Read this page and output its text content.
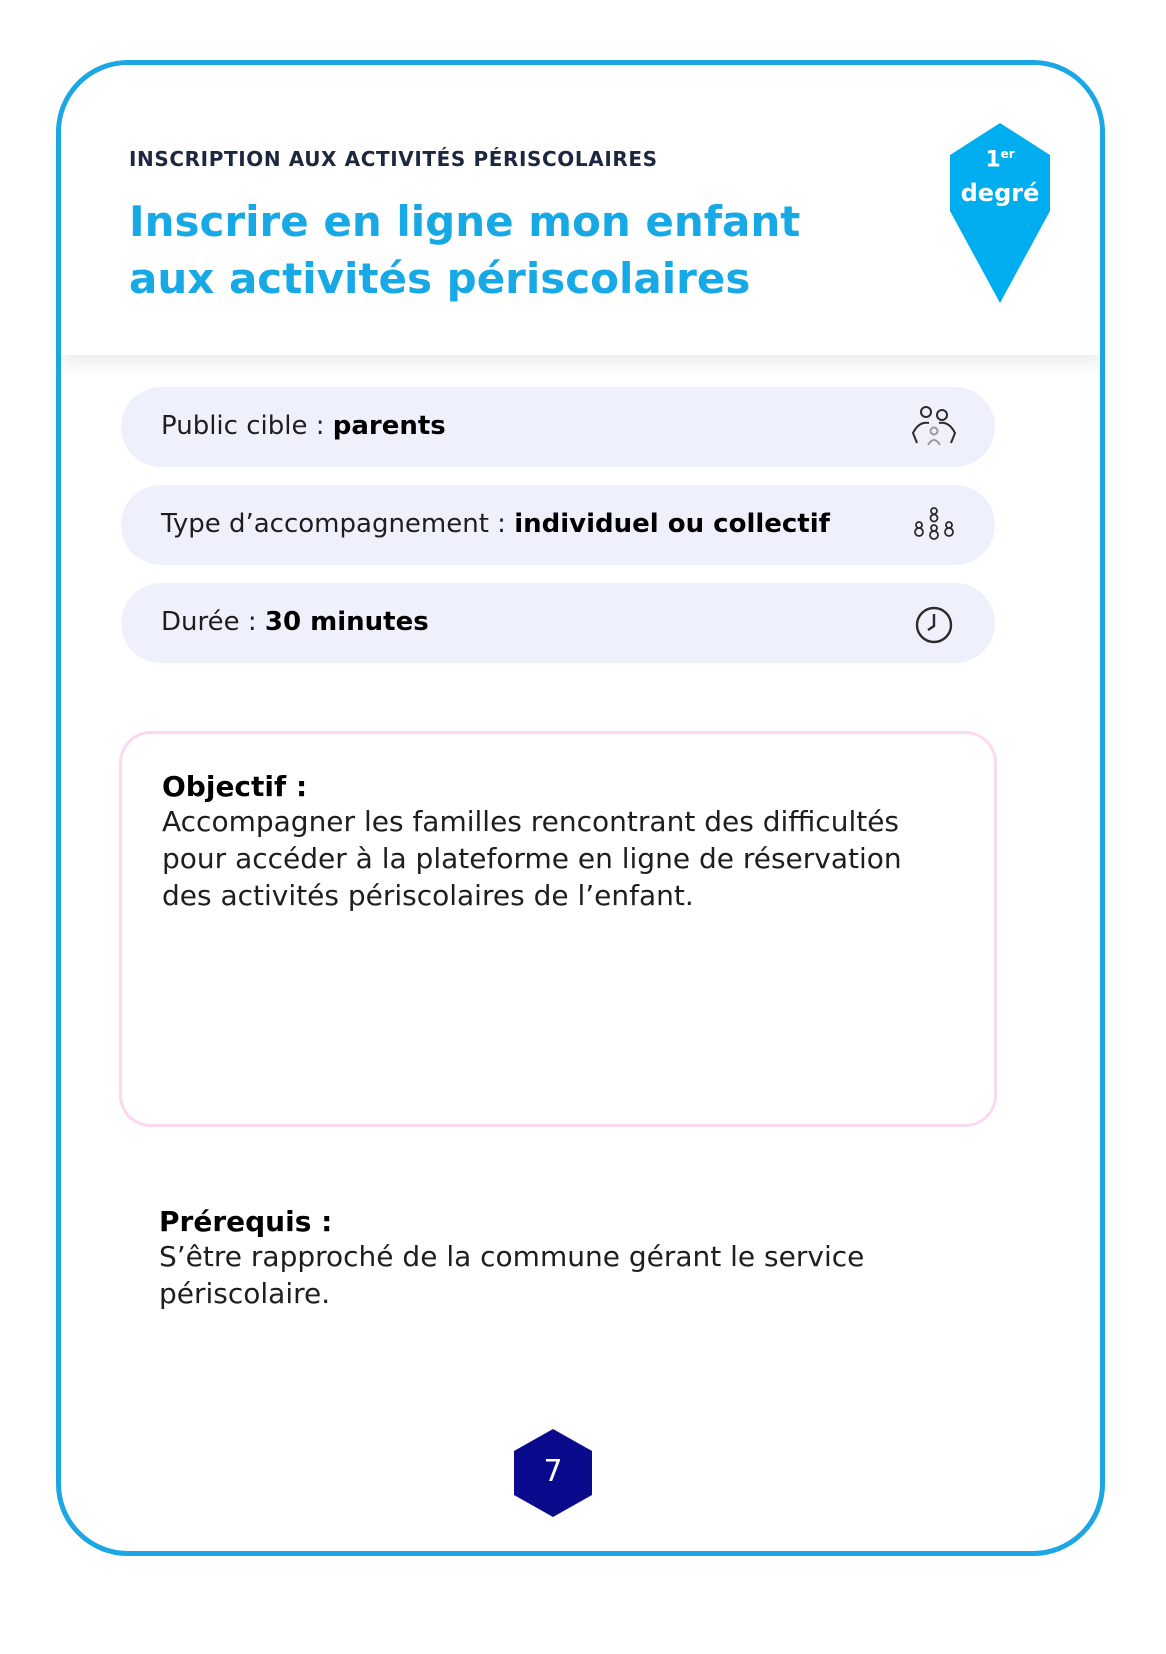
INSCRIPTION AUX ACTIVITÉS PÉRISCOLAIRES
Inscrire en ligne mon enfant aux activités périscolaires
1er
degré
Public cible : parents
Type d’accompagnement : individuel ou collectif
Durée : 30 minutes
Objectif :
Accompagner les familles rencontrant des difficultés pour accéder à la plateforme en ligne de réservation des activités périscolaires de l’enfant.
Prérequis :
S’être rapproché de la commune gérant le service périscolaire.
7
